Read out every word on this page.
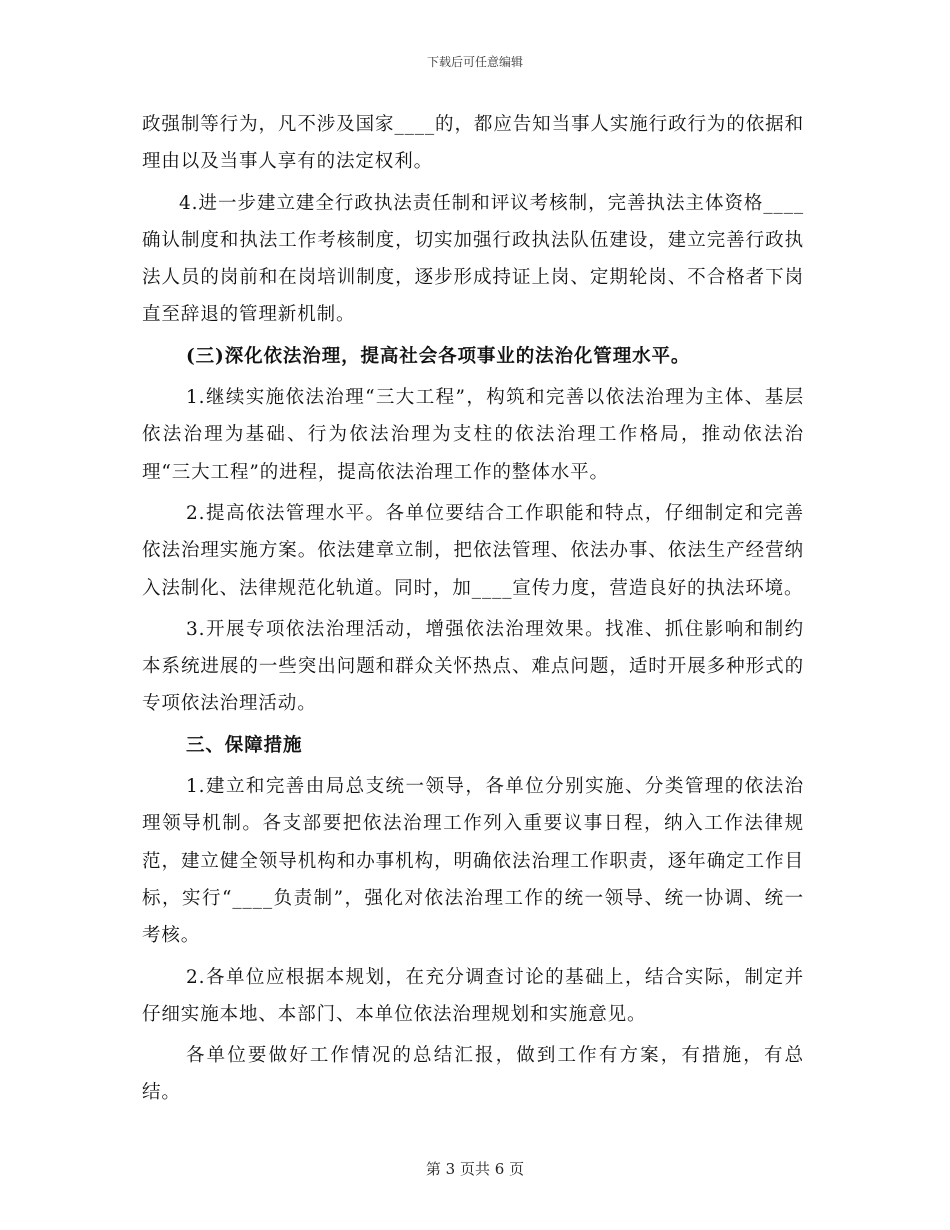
下载后可任意编辑

政强制等行为，凡不涉及国家____的，都应告知当事人实施行政行为的依据和理由以及当事人享有的法定权利。

4.进一步建立建全行政执法责任制和评议考核制，完善执法主体资格____确认制度和执法工作考核制度，切实加强行政执法队伍建设，建立完善行政执法人员的岗前和在岗培训制度，逐步形成持证上岗、定期轮岗、不合格者下岗直至辞退的管理新机制。

(三)深化依法治理，提高社会各项事业的法治化管理水平。

1.继续实施依法治理“三大工程”，构筑和完善以依法治理为主体、基层依法治理为基础、行为依法治理为支柱的依法治理工作格局，推动依法治理“三大工程”的进程，提高依法治理工作的整体水平。

2.提高依法管理水平。各单位要结合工作职能和特点，仔细制定和完善依法治理实施方案。依法建章立制，把依法管理、依法办事、依法生产经营纳入法制化、法律规范化轨道。同时，加____宣传力度，营造良好的执法环境。

3.开展专项依法治理活动，增强依法治理效果。找准、抓住影响和制约本系统进展的一些突出问题和群众关怀热点、难点问题，适时开展多种形式的专项依法治理活动。

三、保障措施

1.建立和完善由局总支统一领导，各单位分别实施、分类管理的依法治理领导机制。各支部要把依法治理工作列入重要议事日程，纳入工作法律规范，建立健全领导机构和办事机构，明确依法治理工作职责，逐年确定工作目标，实行“____负责制”，强化对依法治理工作的统一领导、统一协调、统一考核。

2.各单位应根据本规划，在充分调查讨论的基础上，结合实际，制定并仔细实施本地、本部门、本单位依法治理规划和实施意见。

各单位要做好工作情况的总结汇报，做到工作有方案，有措施，有总结。

第 3 页共 6 页
